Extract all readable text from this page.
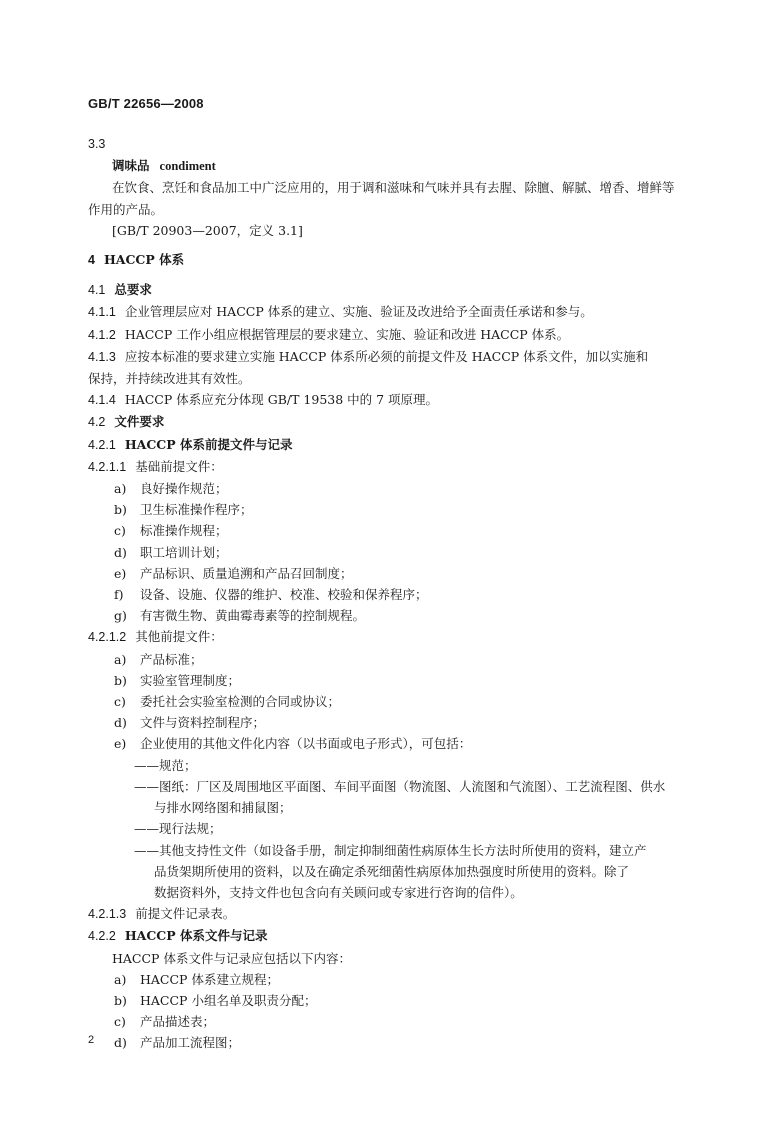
GB/T 22656—2008
3.3
调味品 condiment
在饮食、烹饪和食品加工中广泛应用的，用于调和滋味和气味并具有去腥、除膻、解腻、增香、增鲜等
作用的产品。
[GB/T 20903—2007，定义 3.1]
4 HACCP 体系
4.1 总要求
4.1.1 企业管理层应对 HACCP 体系的建立、实施、验证及改进给予全面责任承诺和参与。
4.1.2 HACCP 工作小组应根据管理层的要求建立、实施、验证和改进 HACCP 体系。
4.1.3 应按本标准的要求建立实施 HACCP 体系所必须的前提文件及 HACCP 体系文件，加以实施和
保持，并持续改进其有效性。
4.1.4 HACCP 体系应充分体现 GB/T 19538 中的 7 项原理。
4.2 文件要求
4.2.1 HACCP 体系前提文件与记录
4.2.1.1 基础前提文件：
a) 良好操作规范；
b) 卫生标准操作程序；
c) 标准操作规程；
d) 职工培训计划；
e) 产品标识、质量追溯和产品召回制度；
f) 设备、设施、仪器的维护、校准、校验和保养程序；
g) 有害微生物、黄曲霉毒素等的控制规程。
4.2.1.2 其他前提文件：
a) 产品标准；
b) 实验室管理制度；
c) 委托社会实验室检测的合同或协议；
d) 文件与资料控制程序；
e) 企业使用的其他文件化内容（以书面或电子形式），可包括：
——规范；
——图纸：厂区及周围地区平面图、车间平面图（物流图、人流图和气流图）、工艺流程图、供水
与排水网络图和捕鼠图；
——现行法规；
——其他支持性文件（如设备手册，制定抑制细菌性病原体生长方法时所使用的资料，建立产
品货架期所使用的资料，以及在确定杀死细菌性病原体加热强度时所使用的资料。除了
数据资料外，支持文件也包含向有关顾问或专家进行咨询的信件）。
4.2.1.3 前提文件记录表。
4.2.2 HACCP 体系文件与记录
HACCP 体系文件与记录应包括以下内容：
a) HACCP 体系建立规程；
b) HACCP 小组名单及职责分配；
c) 产品描述表；
d) 产品加工流程图；
2
